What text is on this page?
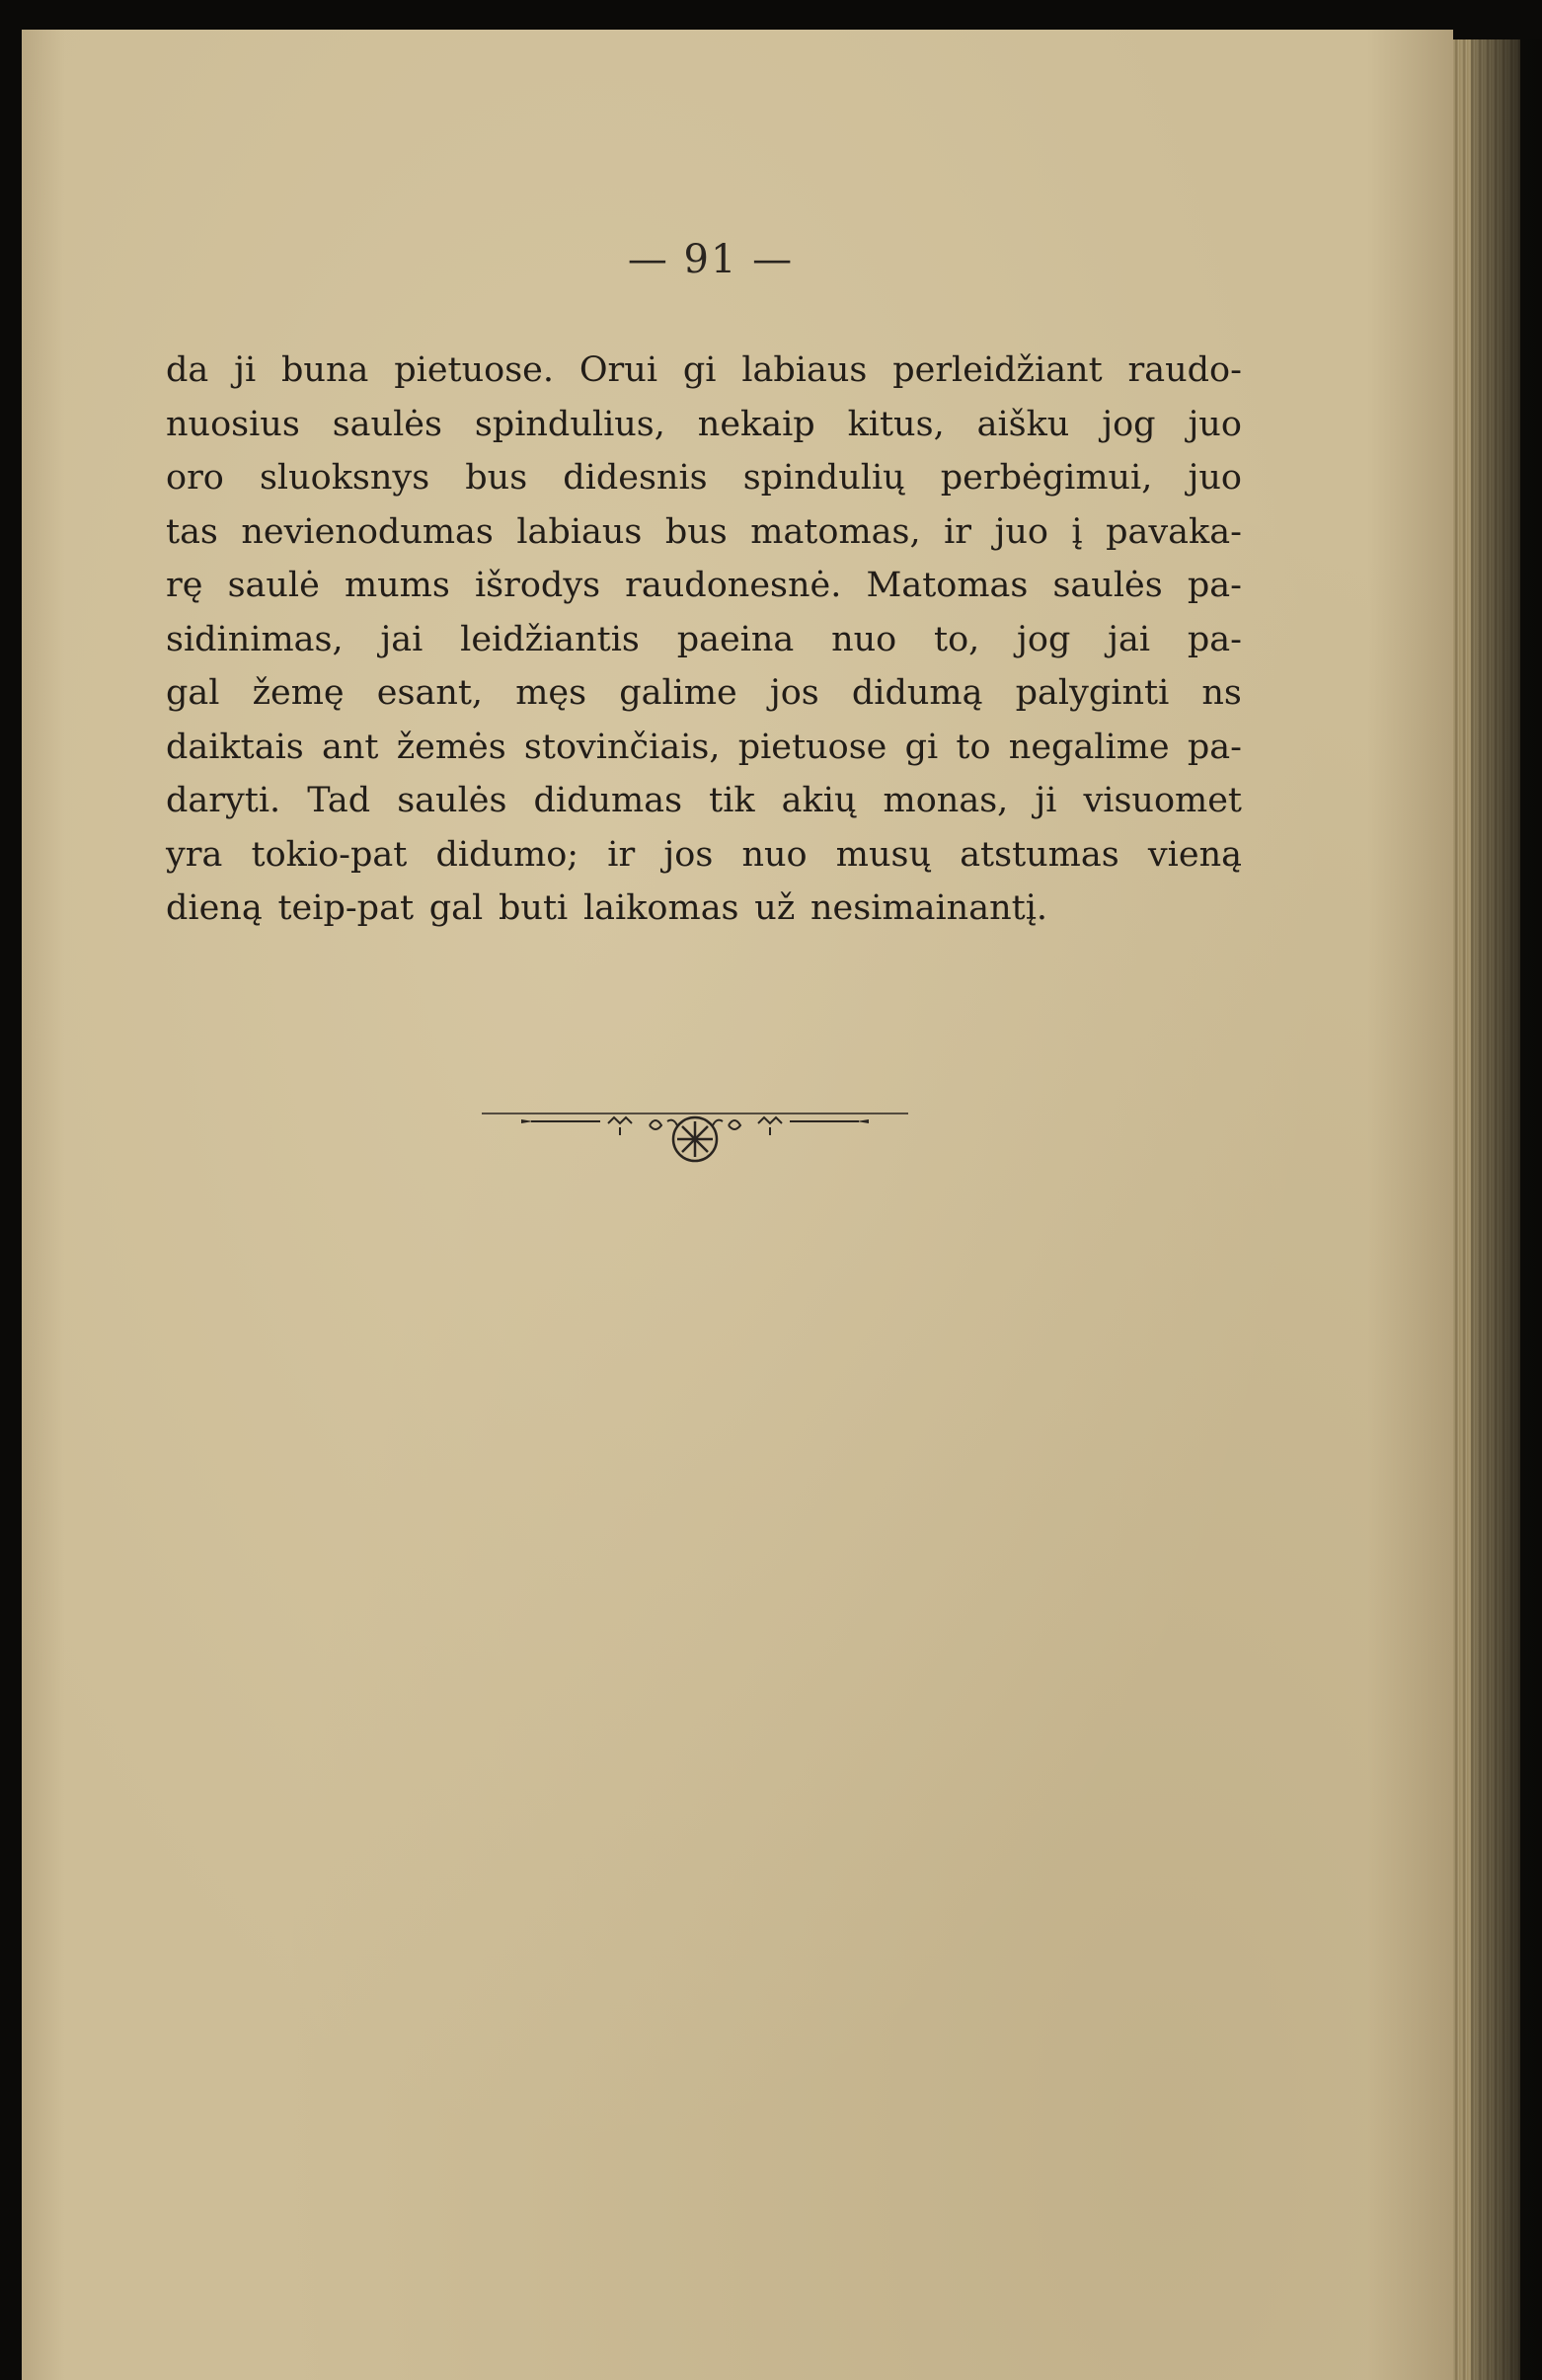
— 91 —
da ji buna pietuose. Orui gi labiaus perleidžiant raudo-
nuosius saulės spindulius, nekaip kitus, aišku jog juo
oro sluoksnys bus didesnis spindulių perbėgimui, juo
tas nevienodumas labiaus bus matomas, ir juo į pavaka-
rę saulė mums išrodys raudonesnė. Matomas saulės pa-
sidinimas, jai leidžiantis paeina nuo to, jog jai pa-
gal žemę esant, męs galime jos didumą palyginti ns
daiktais ant žemės stovinčiais, pietuose gi to negalime pa-
daryti. Tad saulės didumas tik akių monas, ji visuomet
yra tokio-pat didumo; ir jos nuo musų atstumas vieną
dieną teip-pat gal buti laikomas už nesimainantį.
